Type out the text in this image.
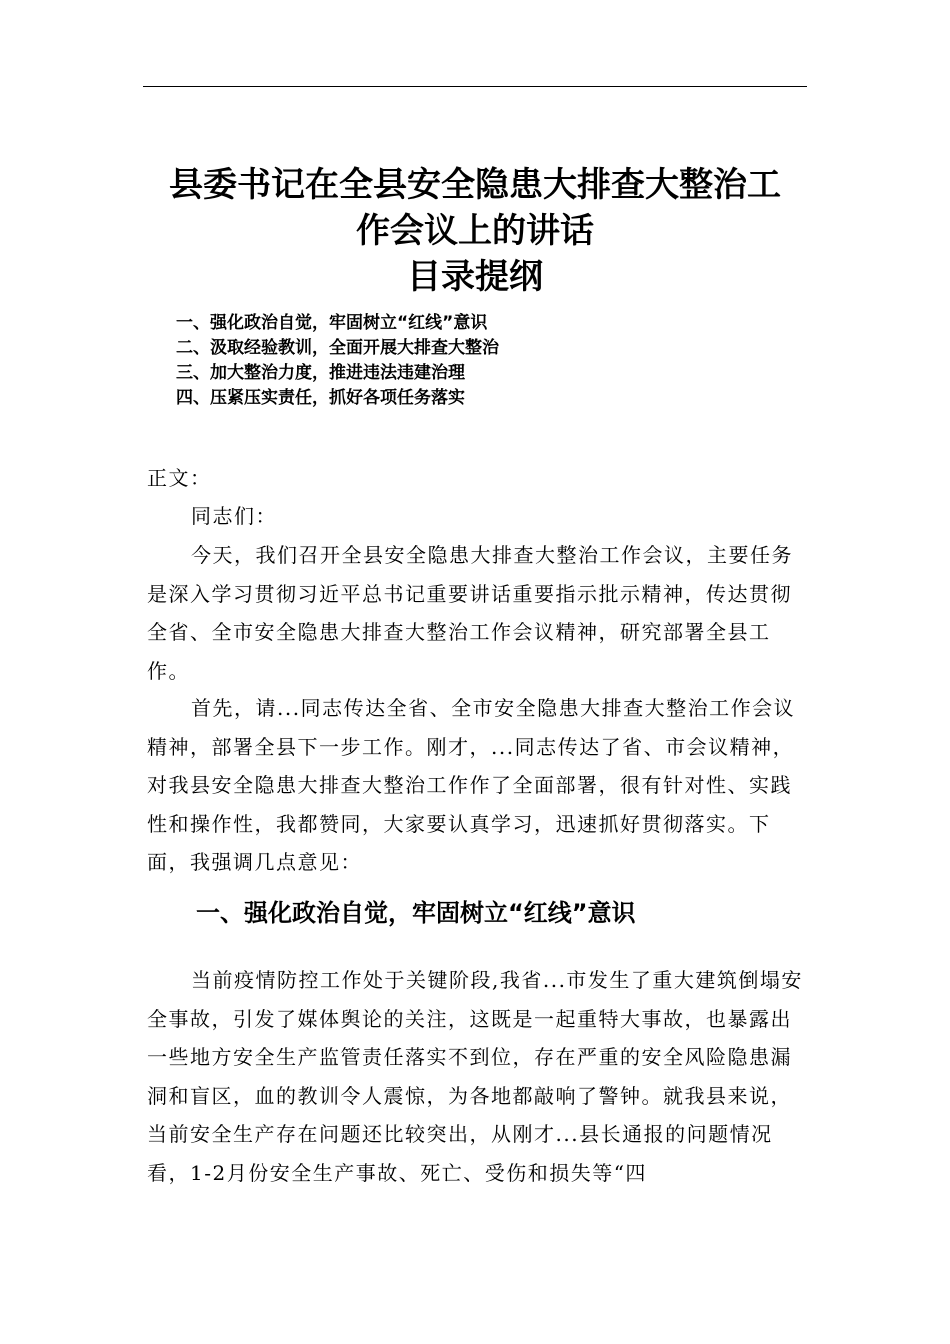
县委书记在全县安全隐患大排查大整治工
作会议上的讲话
目录提纲
一、强化政治自觉，牢固树立“红线”意识
二、汲取经验教训，全面开展大排查大整治
三、加大整治力度，推进违法违建治理
四、压紧压实责任，抓好各项任务落实
正文：
同志们：

今天，我们召开全县安全隐患大排查大整治工作会议，主要任务是深入学习贯彻习近平总书记重要讲话重要指示批示精神，传达贯彻全省、全市安全隐患大排查大整治工作会议精神，研究部署全县工作。

首先，请...同志传达全省、全市安全隐患大排查大整治工作会议精神，部署全县下一步工作。刚才，...同志传达了省、市会议精神，对我县安全隐患大排查大整治工作作了全面部署，很有针对性、实践性和操作性，我都赞同，大家要认真学习，迅速抓好贯彻落实。下面，我强调几点意见：

一、强化政治自觉，牢固树立“红线”意识

当前疫情防控工作处于关键阶段,我省...市发生了重大建筑倒塌安全事故，引发了媒体舆论的关注，这既是一起重特大事故，也暴露出一些地方安全生产监管责任落实不到位，存在严重的安全风险隐患漏洞和盲区，血的教训令人震惊，为各地都敲响了警钟。就我县来说，当前安全生产存在问题还比较突出，从刚才...县长通报的问题情况看，1-2月份安全生产事故、死亡、受伤和损失等“四
